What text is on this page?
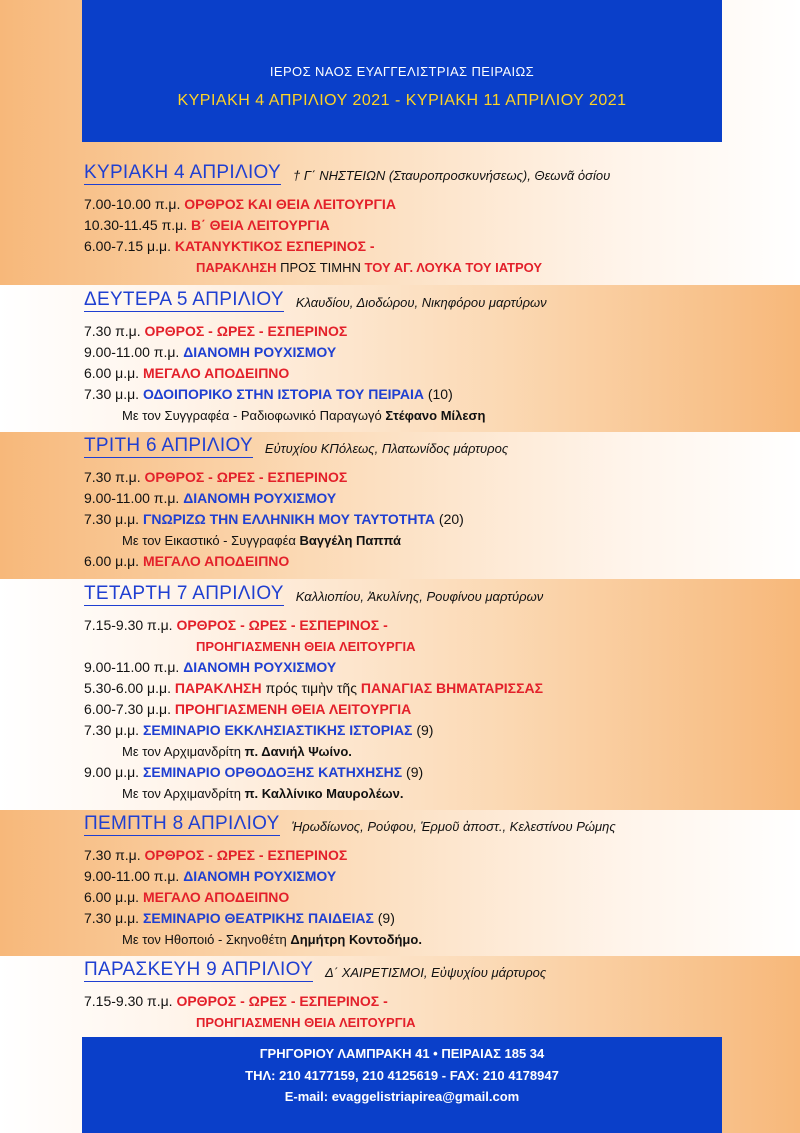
ΙΕΡΟΣ ΝΑΟΣ ΕΥΑΓΓΕΛΙΣΤΡΙΑΣ ΠΕΙΡΑΙΩΣ
ΚΥΡΙΑΚΗ 4 ΑΠΡΙΛΙΟΥ 2021 - ΚΥΡΙΑΚΗ 11 ΑΠΡΙΛΙΟΥ 2021
ΚΥΡΙΑΚΗ 4 ΑΠΡΙΛΙΟΥ † Γ΄ ΝΗΣΤΕΙΩΝ (Σταυροπροσκυνήσεως), Θεωνᾶ ὁσίου
7.00-10.00 π.μ. ΟΡΘΡΟΣ ΚΑΙ ΘΕΙΑ ΛΕΙΤΟΥΡΓΙΑ
10.30-11.45 π.μ. Β΄ ΘΕΙΑ ΛΕΙΤΟΥΡΓΙΑ
6.00-7.15 μ.μ. ΚΑΤΑΝΥΚΤΙΚΟΣ ΕΣΠΕΡΙΝΟΣ -
ΠΑΡΑΚΛΗΣΗ ΠΡΟΣ ΤΙΜΗΝ ΤΟΥ ΑΓ. ΛΟΥΚΑ ΤΟΥ ΙΑΤΡΟΥ
ΔΕΥΤΕΡΑ 5 ΑΠΡΙΛΙΟΥ Κλαυδίου, Διοδώρου, Νικηφόρου μαρτύρων
7.30 π.μ. ΟΡΘΡΟΣ - ΩΡΕΣ - ΕΣΠΕΡΙΝΟΣ
9.00-11.00 π.μ. ΔΙΑΝΟΜΗ ΡΟΥΧΙΣΜΟΥ
6.00 μ.μ. ΜΕΓΑΛΟ ΑΠΟΔΕΙΠΝΟ
7.30 μ.μ. ΟΔΟΙΠΟΡΙΚΟ ΣΤΗΝ ΙΣΤΟΡΙΑ ΤΟΥ ΠΕΙΡΑΙΑ (10)
Με τον Συγγραφέα - Ραδιοφωνικό Παραγωγό Στέφανο Μίλεση
ΤΡΙΤΗ 6 ΑΠΡΙΛΙΟΥ Εὐτυχίου ΚΠόλεως, Πλατωνίδος μάρτυρος
7.30 π.μ. ΟΡΘΡΟΣ - ΩΡΕΣ - ΕΣΠΕΡΙΝΟΣ
9.00-11.00 π.μ. ΔΙΑΝΟΜΗ ΡΟΥΧΙΣΜΟΥ
7.30 μ.μ. ΓΝΩΡΙΖΩ ΤΗΝ ΕΛΛΗΝΙΚΗ ΜΟΥ ΤΑΥΤΟΤΗΤΑ (20)
Με τον Εικαστικό - Συγγραφέα Βαγγέλη Παππά
6.00 μ.μ. ΜΕΓΑΛΟ ΑΠΟΔΕΙΠΝΟ
ΤΕΤΑΡΤΗ 7 ΑΠΡΙΛΙΟΥ Καλλιοπίου, Ἀκυλίνης, Ρουφίνου μαρτύρων
7.15-9.30 π.μ. ΟΡΘΡΟΣ - ΩΡΕΣ - ΕΣΠΕΡΙΝΟΣ -
ΠΡΟΗΓΙΑΣΜΕΝΗ ΘΕΙΑ ΛΕΙΤΟΥΡΓΙΑ
9.00-11.00 π.μ. ΔΙΑΝΟΜΗ ΡΟΥΧΙΣΜΟΥ
5.30-6.00 μ.μ. ΠΑΡΑΚΛΗΣΗ πρός τιμὴν τῆς ΠΑΝΑΓΙΑΣ ΒΗΜΑΤΑΡΙΣΣΑΣ
6.00-7.30 μ.μ. ΠΡΟΗΓΙΑΣΜΕΝΗ ΘΕΙΑ ΛΕΙΤΟΥΡΓΙΑ
7.30 μ.μ. ΣΕΜΙΝΑΡΙΟ ΕΚΚΛΗΣΙΑΣΤΙΚΗΣ ΙΣΤΟΡΙΑΣ (9)
Με τον Αρχιμανδρίτη π. Δανιήλ Ψωίνο.
9.00 μ.μ. ΣΕΜΙΝΑΡΙΟ ΟΡΘΟΔΟΞΗΣ ΚΑΤΗΧΗΣΗΣ (9)
Με τον Αρχιμανδρίτη π. Καλλίνικο Μαυρολέων.
ΠΕΜΠΤΗ 8 ΑΠΡΙΛΙΟΥ Ἡρωδίωνος, Ρούφου, Ἑρμοῦ ἀποστ., Κελεστίνου Ρώμης
7.30 π.μ. ΟΡΘΡΟΣ - ΩΡΕΣ - ΕΣΠΕΡΙΝΟΣ
9.00-11.00 π.μ. ΔΙΑΝΟΜΗ ΡΟΥΧΙΣΜΟΥ
6.00 μ.μ. ΜΕΓΑΛΟ ΑΠΟΔΕΙΠΝΟ
7.30 μ.μ. ΣΕΜΙΝΑΡΙΟ ΘΕΑΤΡΙΚΗΣ ΠΑΙΔΕΙΑΣ (9)
Με τον Ηθοποιό - Σκηνοθέτη Δημήτρη Κοντοδήμο.
ΠΑΡΑΣΚΕΥΗ 9 ΑΠΡΙΛΙΟΥ Δ΄ ΧΑΙΡΕΤΙΣΜΟΙ, Εὐψυχίου μάρτυρος
7.15-9.30 π.μ. ΟΡΘΡΟΣ - ΩΡΕΣ - ΕΣΠΕΡΙΝΟΣ -
ΠΡΟΗΓΙΑΣΜΕΝΗ ΘΕΙΑ ΛΕΙΤΟΥΡΓΙΑ
ΓΡΗΓΟΡΙΟΥ ΛΑΜΠΡΑΚΗ 41 • ΠΕΙΡΑΙΑΣ 185 34
ΤΗΛ: 210 4177159, 210 4125619 - FAX: 210 4178947
E-mail: evaggelistriapirea@gmail.com
